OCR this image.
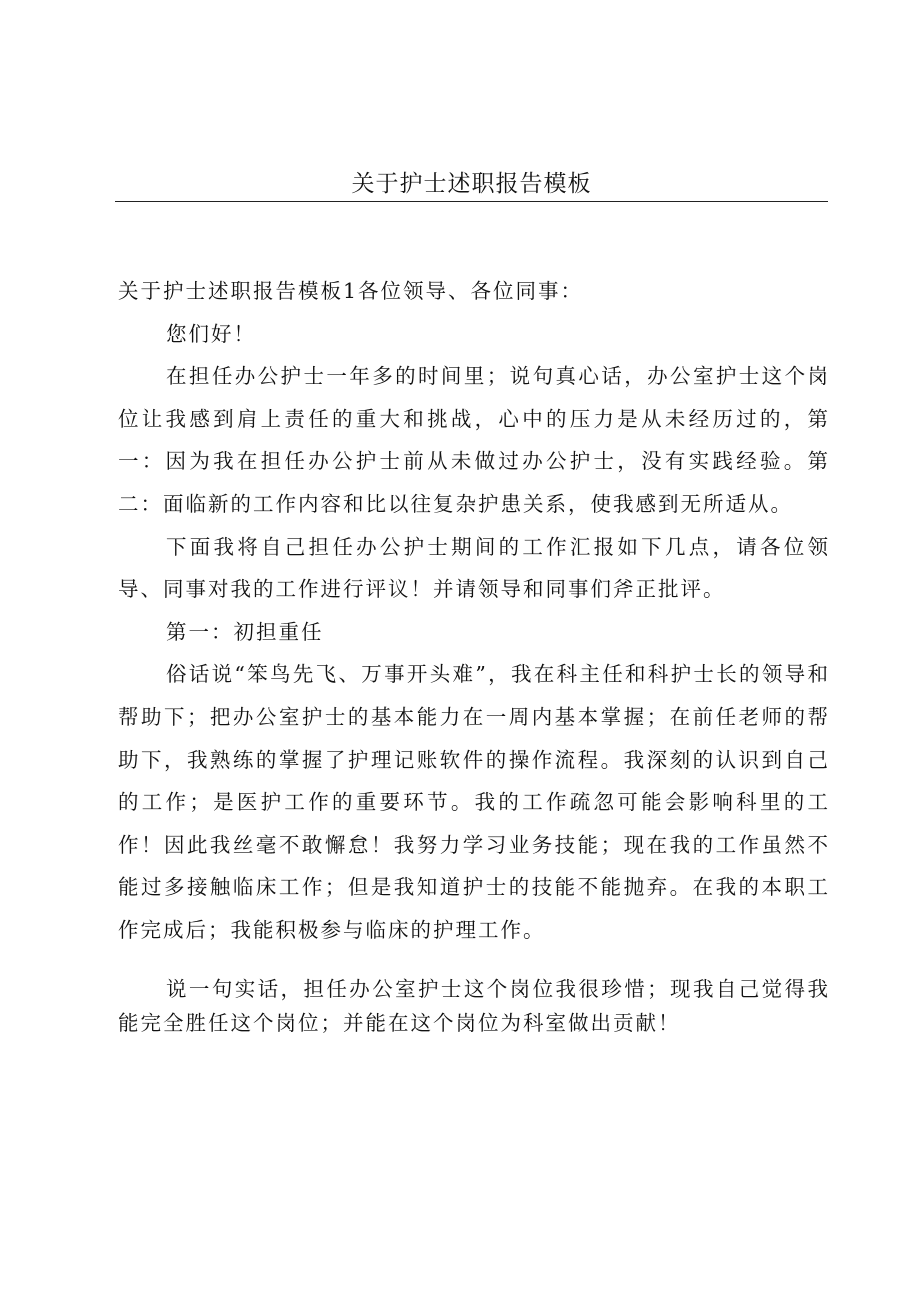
关于护士述职报告模板

关于护士述职报告模板1各位领导、各位同事：

您们好！

在担任办公护士一年多的时间里；说句真心话，办公室护士这个岗位让我感到肩上责任的重大和挑战，心中的压力是从未经历过的，第一：因为我在担任办公护士前从未做过办公护士，没有实践经验。第二：面临新的工作内容和比以往复杂护患关系，使我感到无所适从。

下面我将自己担任办公护士期间的工作汇报如下几点，请各位领导、同事对我的工作进行评议！并请领导和同事们斧正批评。

第一：初担重任

俗话说“笨鸟先飞、万事开头难”，我在科主任和科护士长的领导和帮助下；把办公室护士的基本能力在一周内基本掌握；在前任老师的帮助下，我熟练的掌握了护理记账软件的操作流程。我深刻的认识到自己的工作；是医护工作的重要环节。我的工作疏忽可能会影响科里的工作！因此我丝毫不敢懈怠！我努力学习业务技能；现在我的工作虽然不能过多接触临床工作；但是我知道护士的技能不能抛弃。在我的本职工作完成后；我能积极参与临床的护理工作。

说一句实话，担任办公室护士这个岗位我很珍惜；现我自己觉得我能完全胜任这个岗位；并能在这个岗位为科室做出贡献！
